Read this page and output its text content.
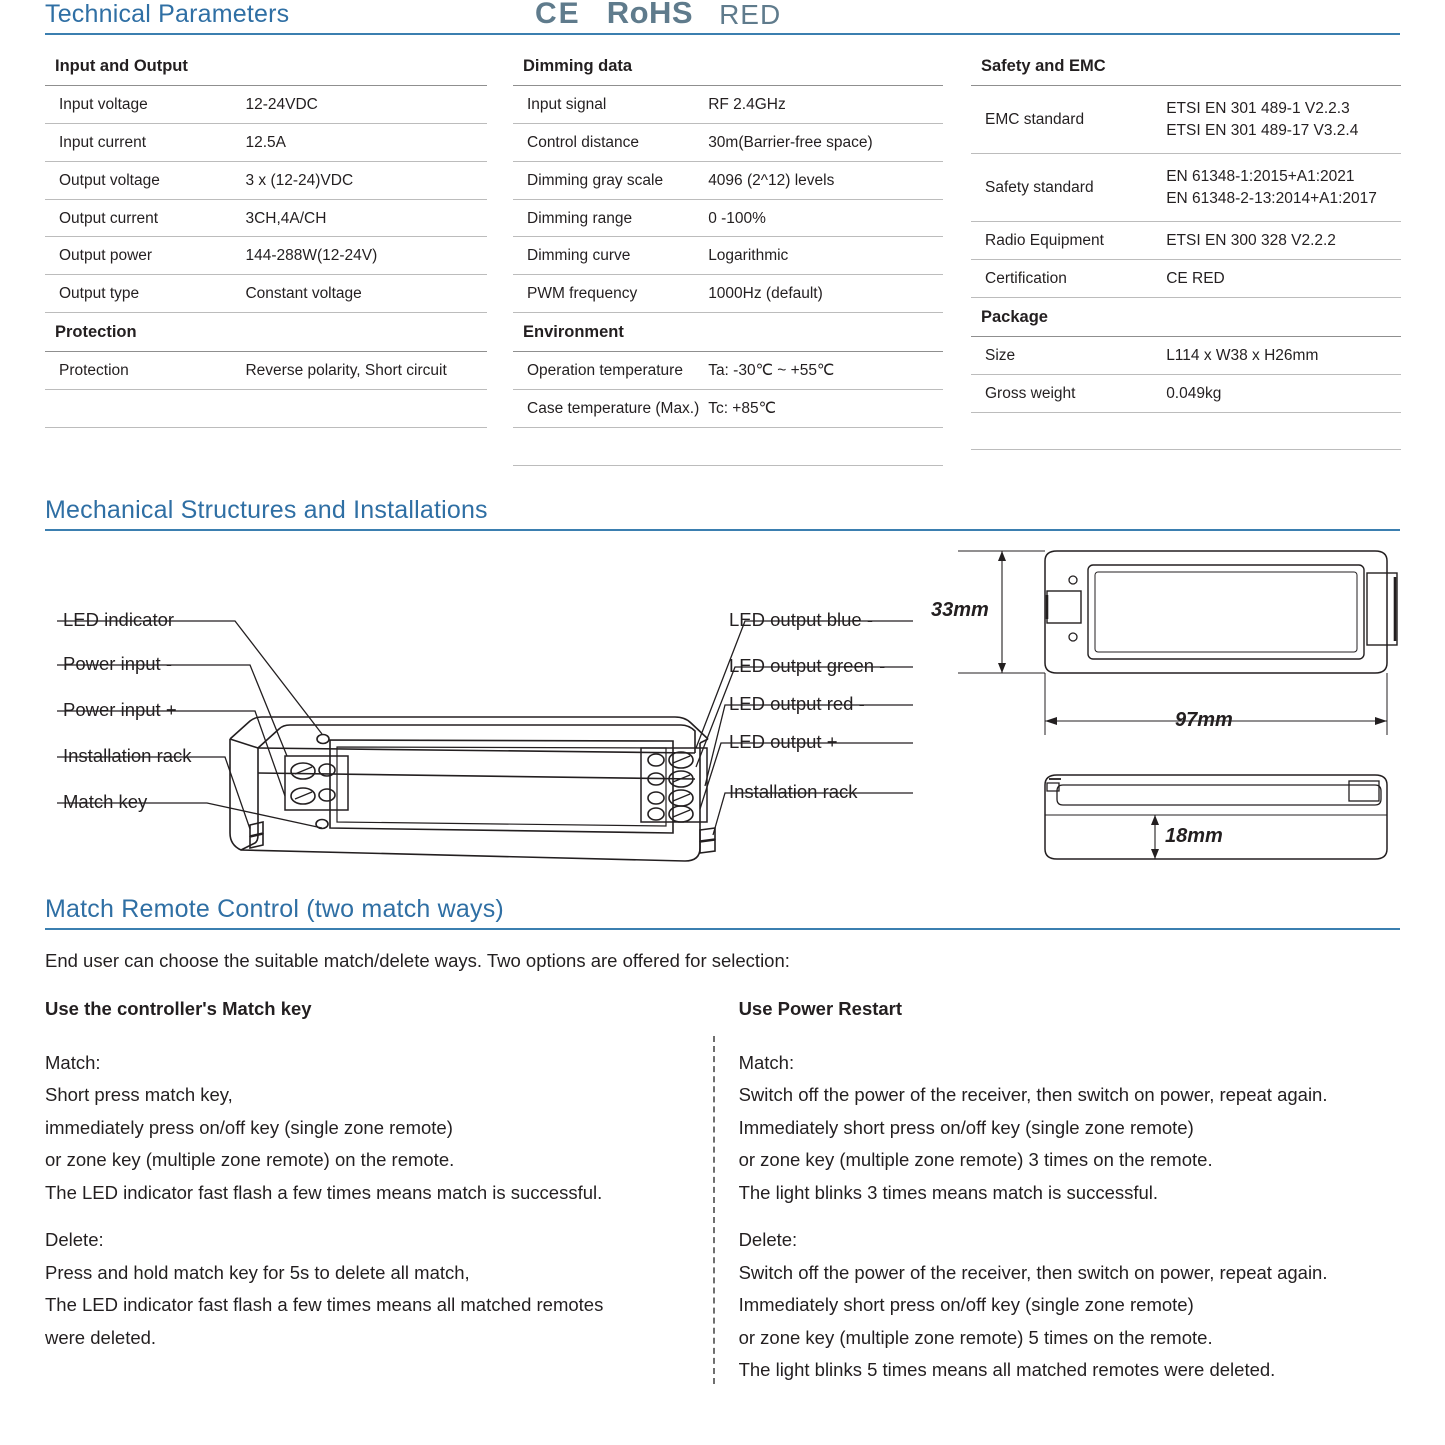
Technical Parameters	CE RoHS RED
Input and Output	
Input voltage	12-24VDC
Input current	12.5A
Output voltage	3 x (12-24)VDC
Output current	3CH,4A/CH
Output power	144-288W(12-24V)
Output type	Constant voltage
Protection	
Protection	Reverse polarity, Short circuit

Dimming data	
Input signal	RF 2.4GHz
Control distance	30m(Barrier-free space)
Dimming gray scale	4096 (2^12) levels
Dimming range	0 -100%
Dimming curve	Logarithmic
PWM frequency	1000Hz (default)
Environment	
Operation temperature	Ta: -30℃ ~ +55℃
Case temperature (Max.)	Tc: +85℃

Safety and EMC	
EMC standard	ETSI EN 301 489-1 V2.2.3
ETSI EN 301 489-17 V3.2.4
Safety standard	EN 61348-1:2015+A1:2021
EN 61348-2-13:2014+A1:2017
Radio Equipment	ETSI EN 300 328 V2.2.2
Certification	CE RED
Package	
Size	L114 x W38 x H26mm
Gross weight	0.049kg

Mechanical Structures and Installations
LED indicator
Power input -
Power input +
Installation rack
Match key
LED output blue -
LED output green -
LED output red -
LED output +
Installation rack
33mm
97mm
18mm
Match Remote Control (two match ways)
End user can choose the suitable match/delete ways. Two options are offered for selection:
Use the controller's Match key

Match:

Short press match key,

immediately press on/off key (single zone remote)

or zone key (multiple zone remote) on the remote.

The LED indicator fast flash a few times means match is successful.

Delete:

Press and hold match key for 5s to delete all match,

The LED indicator fast flash a few times means all matched remotes

were deleted.

Use Power Restart

Match:

Switch off the power of the receiver, then switch on power, repeat again.

Immediately short press on/off key (single zone remote)

or zone key (multiple zone remote) 3 times on the remote.

The light blinks 3 times means match is successful.

Delete:

Switch off the power of the receiver, then switch on power, repeat again.

Immediately short press on/off key (single zone remote)

or zone key (multiple zone remote) 5 times on the remote.

The light blinks 5 times means all matched remotes were deleted.
